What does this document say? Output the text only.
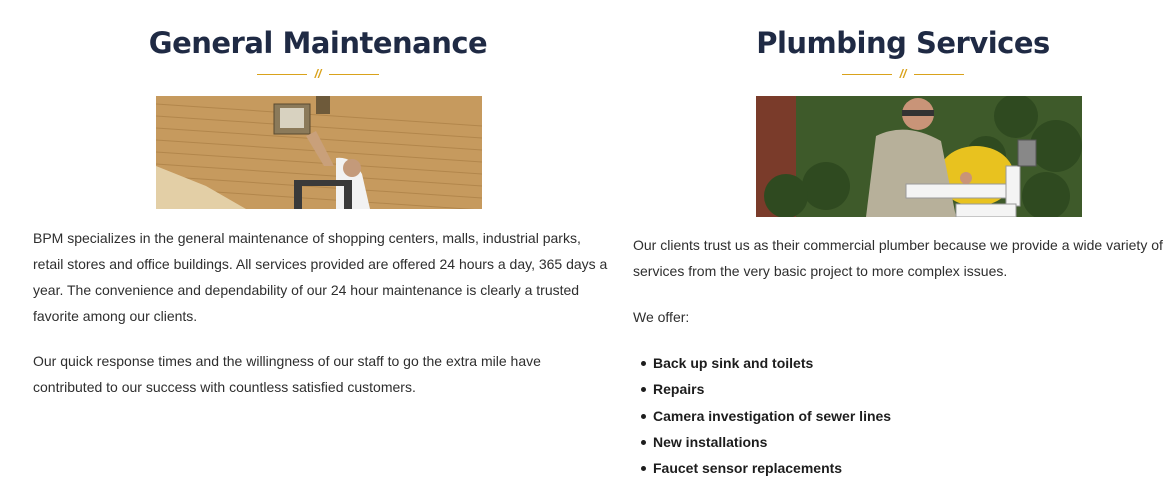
General Maintenance
//

BPM specializes in the general maintenance of shopping centers, malls, industrial parks, retail stores and office buildings. All services provided are offered 24 hours a day, 365 days a year. The convenience and dependability of our 24 hour maintenance is clearly a trusted favorite among our clients.

Our quick response times and the willingness of our staff to go the extra mile have contributed to our success with countless satisfied customers.

Plumbing Services
//

Our clients trust us as their commercial plumber because we provide a wide variety of services from the very basic project to more complex issues.

We offer:

Back up sink and toilets
Repairs
Camera investigation of sewer lines
New installations
Faucet sensor replacements
